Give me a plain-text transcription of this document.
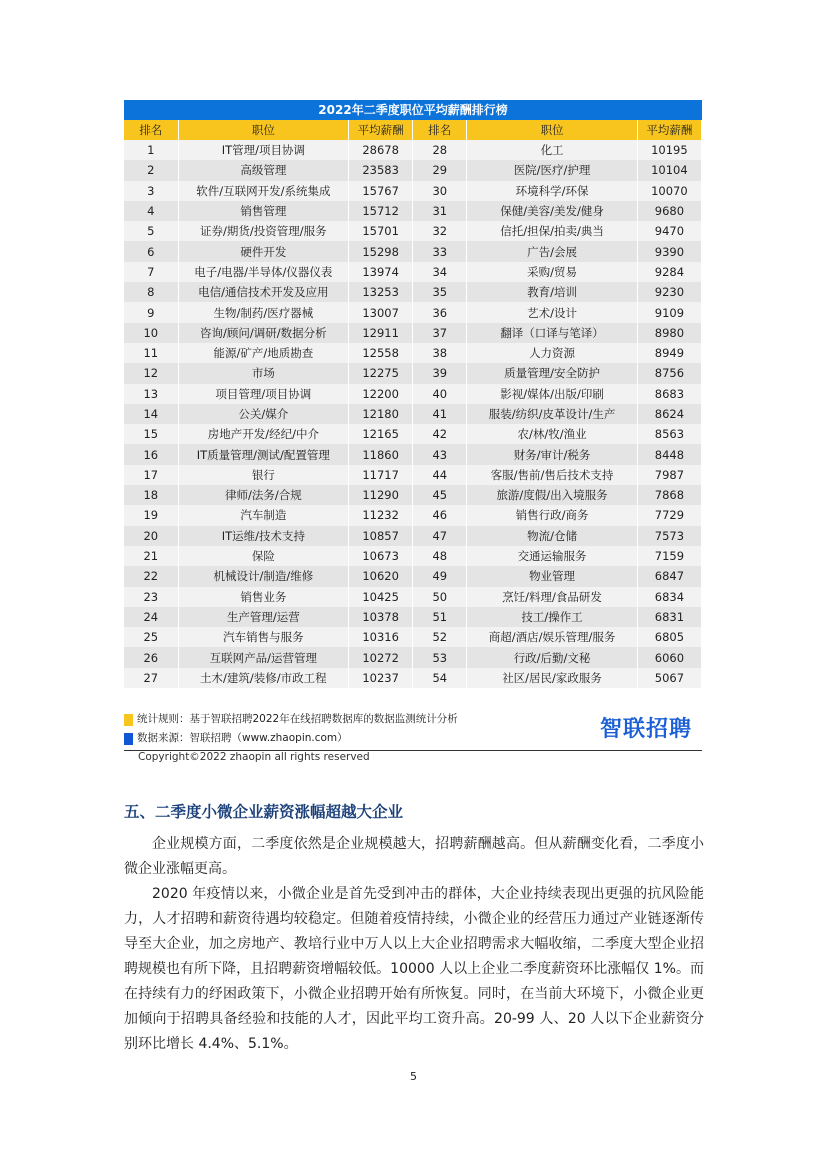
2022年二季度职位平均薪酬排行榜
排名	职位	平均薪酬	排名	职位	平均薪酬
1	IT管理/项目协调	28678	28	化工	10195
2	高级管理	23583	29	医院/医疗/护理	10104
3	软件/互联网开发/系统集成	15767	30	环境科学/环保	10070
4	销售管理	15712	31	保健/美容/美发/健身	9680
5	证券/期货/投资管理/服务	15701	32	信托/担保/拍卖/典当	9470
6	硬件开发	15298	33	广告/会展	9390
7	电子/电器/半导体/仪器仪表	13974	34	采购/贸易	9284
8	电信/通信技术开发及应用	13253	35	教育/培训	9230
9	生物/制药/医疗器械	13007	36	艺术/设计	9109
10	咨询/顾问/调研/数据分析	12911	37	翻译（口译与笔译）	8980
11	能源/矿产/地质勘查	12558	38	人力资源	8949
12	市场	12275	39	质量管理/安全防护	8756
13	项目管理/项目协调	12200	40	影视/媒体/出版/印刷	8683
14	公关/媒介	12180	41	服装/纺织/皮革设计/生产	8624
15	房地产开发/经纪/中介	12165	42	农/林/牧/渔业	8563
16	IT质量管理/测试/配置管理	11860	43	财务/审计/税务	8448
17	银行	11717	44	客服/售前/售后技术支持	7987
18	律师/法务/合规	11290	45	旅游/度假/出入境服务	7868
19	汽车制造	11232	46	销售行政/商务	7729
20	IT运维/技术支持	10857	47	物流/仓储	7573
21	保险	10673	48	交通运输服务	7159
22	机械设计/制造/维修	10620	49	物业管理	6847
23	销售业务	10425	50	烹饪/料理/食品研发	6834
24	生产管理/运营	10378	51	技工/操作工	6831
25	汽车销售与服务	10316	52	商超/酒店/娱乐管理/服务	6805
26	互联网产品/运营管理	10272	53	行政/后勤/文秘	6060
27	土木/建筑/装修/市政工程	10237	54	社区/居民/家政服务	5067
统计规则：基于智联招聘2022年在线招聘数据库的数据监测统计分析
数据来源：智联招聘（www.zhaopin.com）	智联招聘
Copyright©2022 zhaopin all rights reserved
五、二季度小微企业薪资涨幅超越大企业

企业规模方面，二季度依然是企业规模越大，招聘薪酬越高。但从薪酬变化看，二季度小微企业涨幅更高。

2020 年疫情以来，小微企业是首先受到冲击的群体，大企业持续表现出更强的抗风险能力，人才招聘和薪资待遇均较稳定。但随着疫情持续，小微企业的经营压力通过产业链逐渐传导至大企业，加之房地产、教培行业中万人以上大企业招聘需求大幅收缩，二季度大型企业招聘规模也有所下降，且招聘薪资增幅较低。10000 人以上企业二季度薪资环比涨幅仅 1%。而在持续有力的纾困政策下，小微企业招聘开始有所恢复。同时，在当前大环境下，小微企业更加倾向于招聘具备经验和技能的人才，因此平均工资升高。20-99 人、20 人以下企业薪资分别环比增长 4.4%、5.1%。

5
